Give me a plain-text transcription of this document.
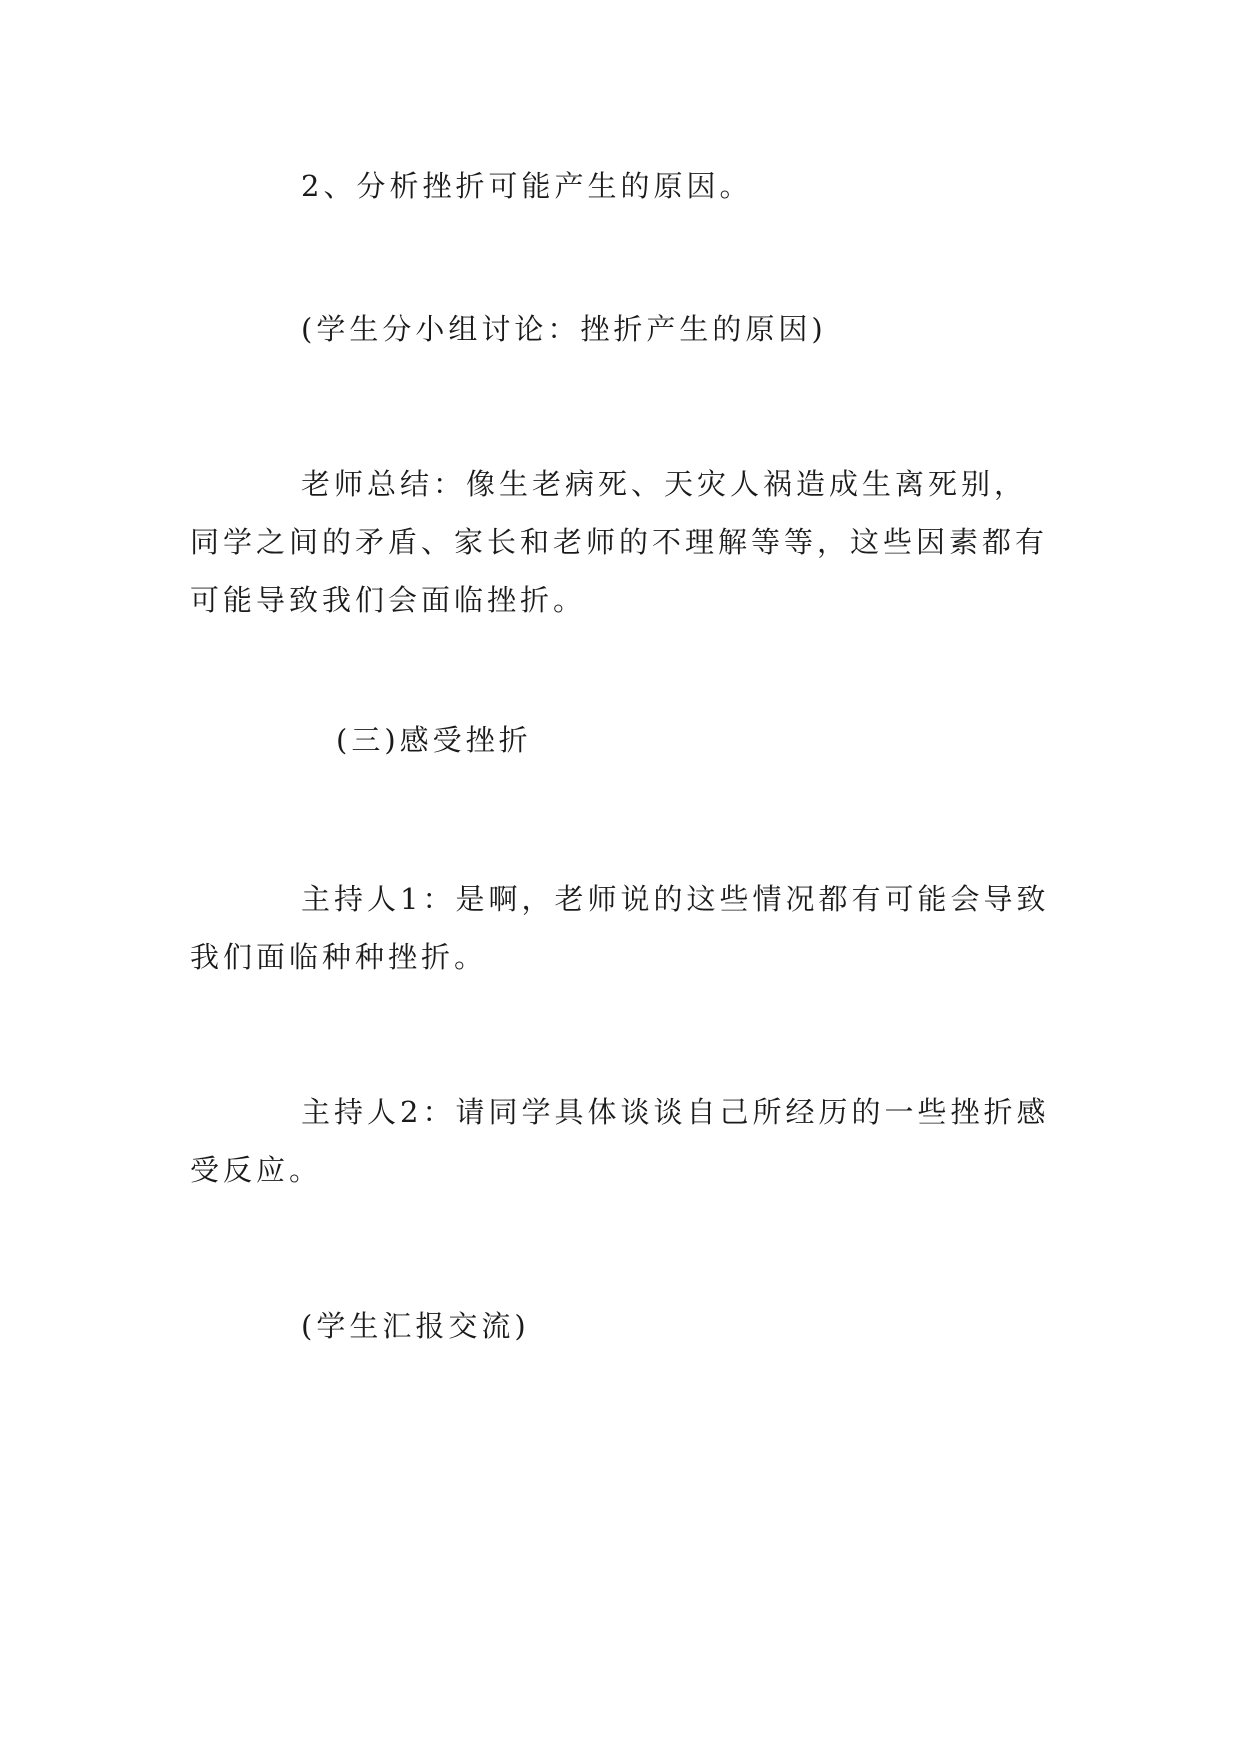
2、分析挫折可能产生的原因。

(学生分小组讨论：挫折产生的原因)

老师总结：像生老病死、天灾人祸造成生离死别，同学之间的矛盾、家长和老师的不理解等等，这些因素都有可能导致我们会面临挫折。

(三)感受挫折

主持人1：是啊，老师说的这些情况都有可能会导致我们面临种种挫折。

主持人2：请同学具体谈谈自己所经历的一些挫折感受反应。

(学生汇报交流)
